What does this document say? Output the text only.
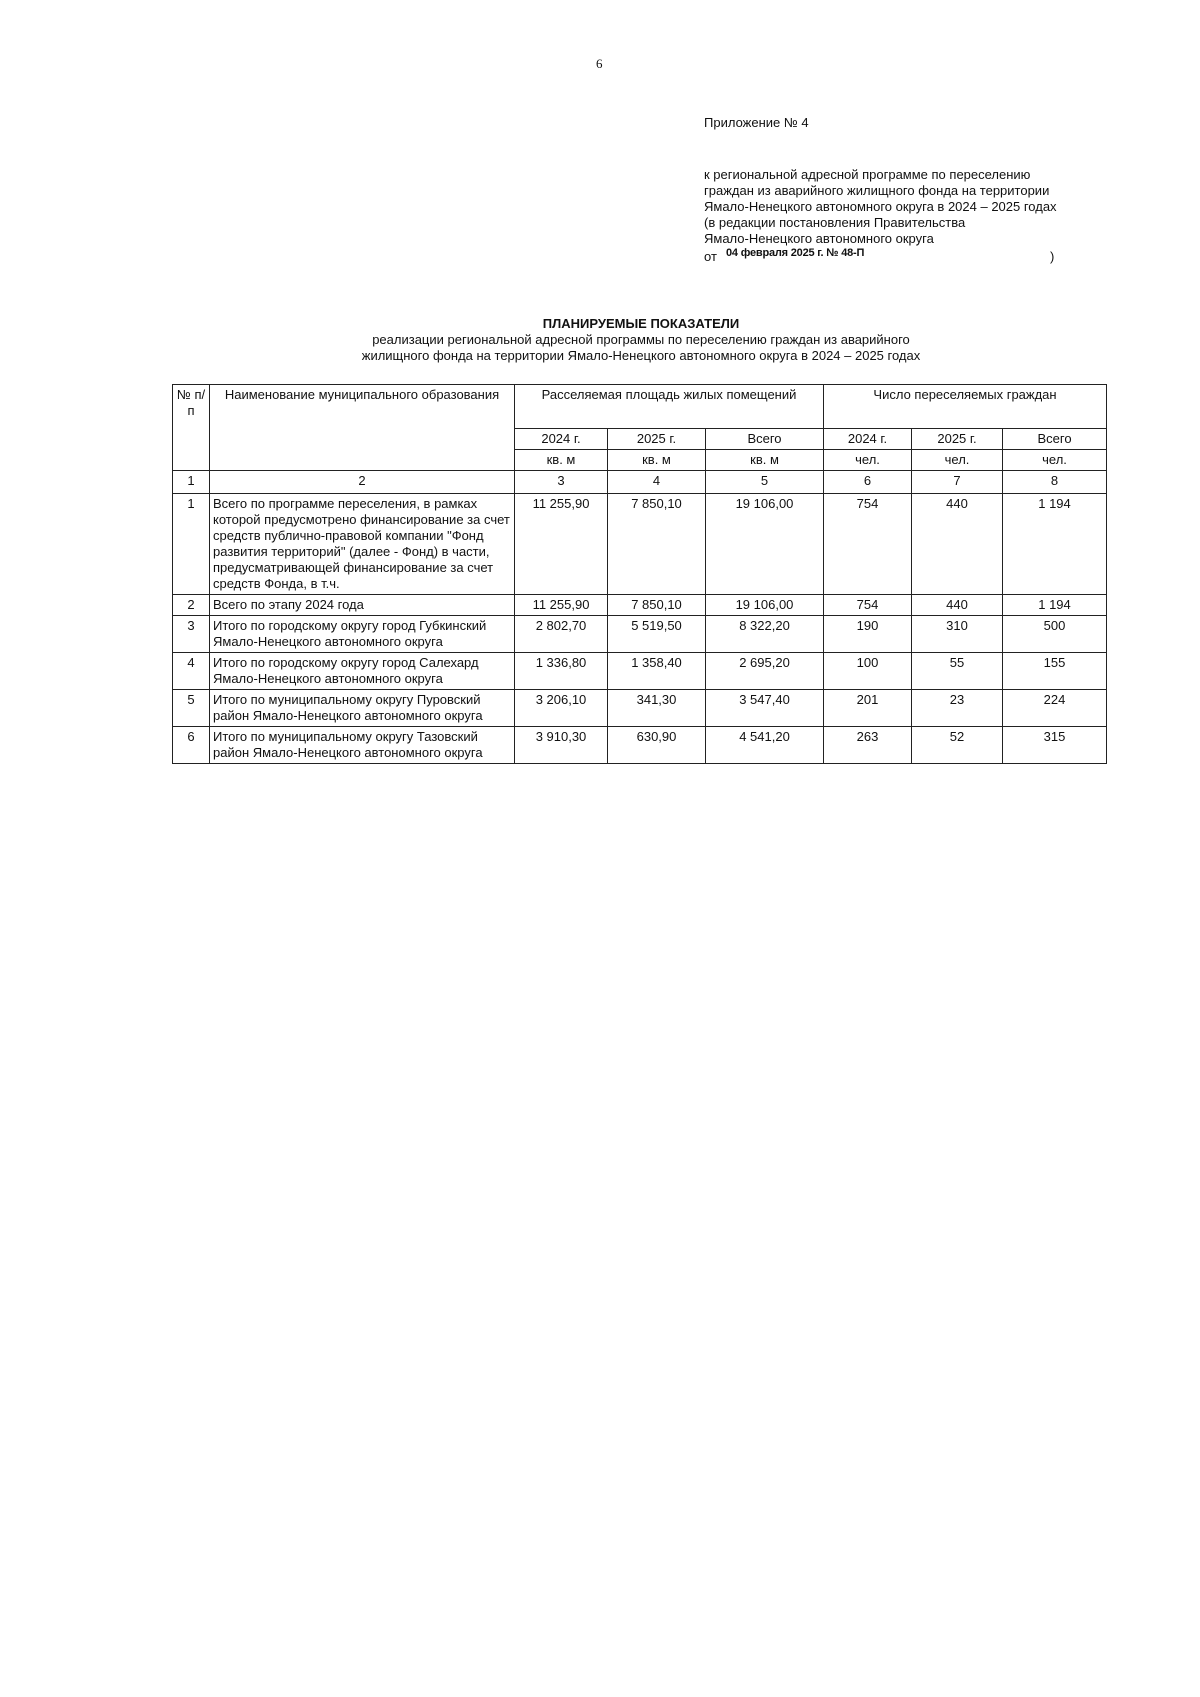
6
Приложение № 4
к региональной адресной программе по переселению
граждан из аварийного жилищного фонда на территории
Ямало-Ненецкого автономного округа в 2024 – 2025 годах
(в редакции постановления Правительства
Ямало-Ненецкого автономного округа
от 04 февраля 2025 г. № 48-П	)
ПЛАНИРУЕМЫЕ ПОКАЗАТЕЛИ
реализации региональной адресной программы по переселению граждан из аварийного
жилищного фонда на территории Ямало-Ненецкого автономного округа в 2024 – 2025 годах
№ п/п	Наименование муниципального образования	Расселяемая площадь жилых помещений			Число переселяемых граждан		
		2024 г.	2025 г.	Всего	2024 г.	2025 г.	Всего
		кв. м	кв. м	кв. м	чел.	чел.	чел.
1	2	3	4	5	6	7	8
1	Всего по программе переселения, в рамках которой предусмотрено финансирование за счет средств публично-правовой компании "Фонд развития территорий" (далее - Фонд) в части, предусматривающей финансирование за счет средств Фонда, в т.ч.	11 255,90	7 850,10	19 106,00	754	440	1 194
2	Всего по этапу 2024 года	11 255,90	7 850,10	19 106,00	754	440	1 194
3	Итого по городскому округу город Губкинский Ямало-Ненецкого автономного округа	2 802,70	5 519,50	8 322,20	190	310	500
4	Итого по городскому округу город Салехард Ямало-Ненецкого автономного округа	1 336,80	1 358,40	2 695,20	100	55	155
5	Итого по муниципальному округу Пуровский район Ямало-Ненецкого автономного округа	3 206,10	341,30	3 547,40	201	23	224
6	Итого по муниципальному округу Тазовский район Ямало-Ненецкого автономного округа	3 910,30	630,90	4 541,20	263	52	315
